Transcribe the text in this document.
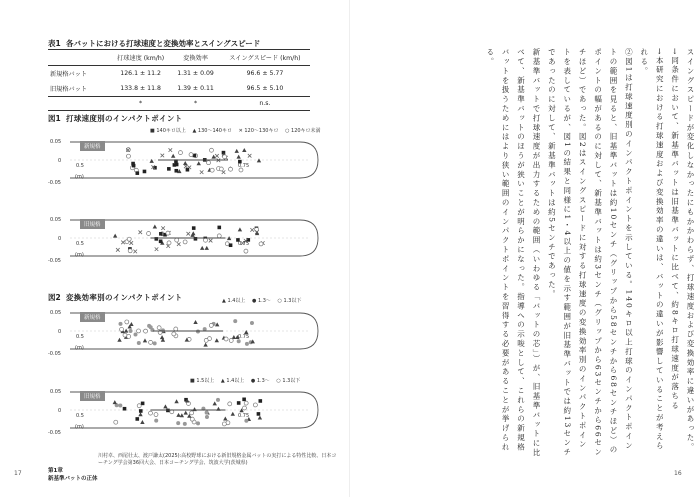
表1 各バットにおける打球速度と変換効率とスイングスピード
	打球速度 (km/h)	変換効率	スイングスピード (km/h)
新規格バット	126.1 ± 11.2	1.31 ± 0.09	96.6 ± 5.77
旧規格バット	133.8 ± 11.8	1.39 ± 0.11	96.5 ± 5.10
	*	*	n.s.
図1 打球速度別のインパクトポイント
■ 140キロ以上 ▲ 130〜140キロ ✕ 120〜130キロ ○ 120キロ未満
新規格
0.05
0
0.5	0.75
(m)
-0.05
旧規格
0.05
0
0.5	0.75
(m)
-0.05
図2 変換効率別のインパクトポイント	▲ 1.4以上 ● 1.3〜 ○ 1.3以下
新規格
0.05
0
0.5	0.75
(m)
-0.05
■ 1.5以上 ▲ 1.4以上 ● 1.3〜 ○ 1.3以下
旧規格
0.05
0
0.5	0.75
(m)
-0.05
川村卓、西尾壮太、渡戸謙太(2025):高校野球における新旧規格金属バットの実打による特性比較、日本コーチング学会第36回大会、日本コーチング学会、筑波大学(茨城県)
第1章
新基準バットの正体
17

スイングスピードが変化しなかったにもかかわらず、打球速度および変換効率に違いがあった。

→同条件において、新基準バットは旧基準バットに比べて、約8キロ打球速度が落ちる

→本研究における打球速度および変換効率の違いは、バットの違いが影響していることが考えられる。

②図1は打球速度別のインパクトポイントを示している。140キロ以上打球のインパクトポイントの範囲を見ると、旧基準バットは約10センチ（グリップから58センチから68センチほど）のポイントの幅があるのに対して、新基準バットは約3センチ（グリップから63センチから66センチほど）であった。図2はスイングスピードに対する打球速度の変換効率別のインパクトポイントを表しているが、図1の結果と同様に1・4以上の値を示す範囲が旧基準バットでは約13センチであったのに対して、新基準バットは約5センチであった。

新基準バットで打球速度が出力するための範囲（いわゆる「バットの芯」）が、旧基準バットに比べて、新基準バットのほうが狭いことが明らかになった。指導への示唆として、これらの新規格バットを扱うためにはより狭い範囲のインパクトポイントを習得する必要があることが挙げられる。

16
